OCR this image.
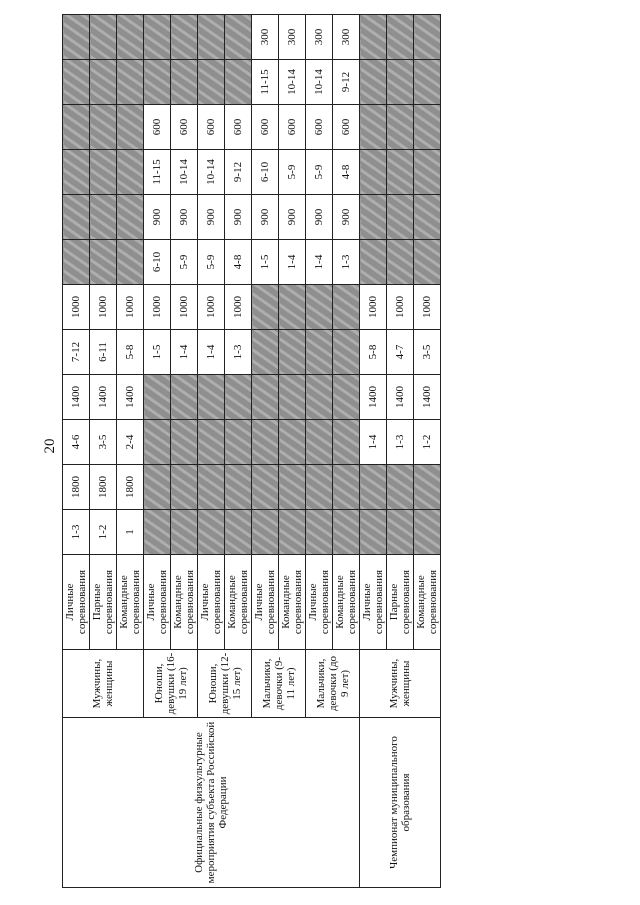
20
Официальные физкультурные мероприятия субъекта Российской Федерации	Мужчины, женщины	Личные соревнования	1-3	1800	4-6	1400	7-12	1000						
		Парные соревнования	1-2	1800	3-5	1400	6-11	1000						
		Командные соревнования	1	1800	2-4	1400	5-8	1000						
	Юноши, девушки (16-19 лет)	Личные соревнования					1-5	1000	6-10	900	11-15	600		
		Командные соревнования					1-4	1000	5-9	900	10-14	600		
	Юноши, девушки (12-15 лет)	Личные соревнования					1-4	1000	5-9	900	10-14	600		
		Командные соревнования					1-3	1000	4-8	900	9-12	600		
	Мальчики, девочки (9-11 лет)	Личные соревнования							1-5	900	6-10	600	11-15	300
		Командные соревнования							1-4	900	5-9	600	10-14	300
	Мальчики, девочки (до 9 лет)	Личные соревнования							1-4	900	5-9	600	10-14	300
		Командные соревнования							1-3	900	4-8	600	9-12	300
Чемпионат муниципального образования	Мужчины, женщины	Личные соревнования			1-4	1400	5-8	1000						
		Парные соревнования			1-3	1400	4-7	1000						
		Командные соревнования			1-2	1400	3-5	1000						
